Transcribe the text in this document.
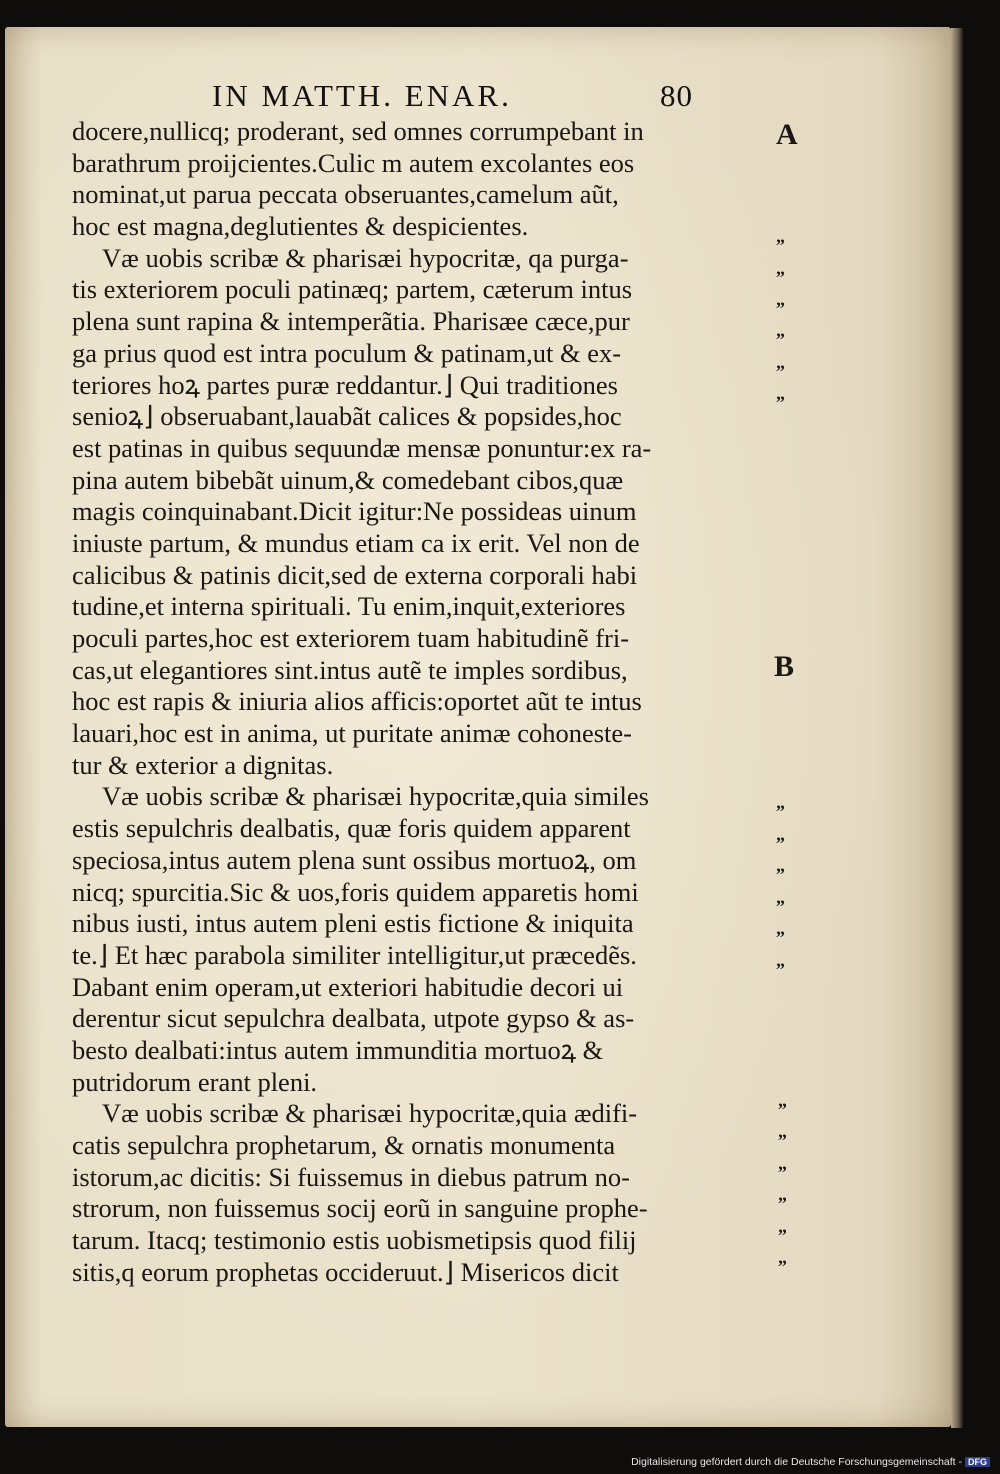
IN MATTH. ENAR.	80
docere,nullicq; proderant, sed omnes corrumpebant in
barathrum proijcientes.Culic m autem excolantes eos
nominat,ut parua peccata obseruantes,camelum aũt,
hoc est magna,deglutientes & despicientes.
Væ uobis scribæ & pharisæi hypocritæ, qa purga-
tis exteriorem poculi patinæq; partem, cæterum intus
plena sunt rapina & intemperãtia. Pharisæe cæce,pur
ga prius quod est intra poculum & patinam,ut & ex-
teriores hoꝝ partes puræ reddantur.⌋ Qui traditiones
senioꝝ⌋ obseruabant,lauabãt calices & popsides,hoc
est patinas in quibus sequundæ mensæ ponuntur:ex ra-
pina autem bibebãt uinum,& comedebant cibos,quæ
magis coinquinabant.Dicit igitur:Ne possideas uinum
iniuste partum, & mundus etiam ca ix erit. Vel non de
calicibus & patinis dicit,sed de externa corporali habi
tudine,et interna spirituali. Tu enim,inquit,exteriores
poculi partes,hoc est exteriorem tuam habitudinẽ fri-
cas,ut elegantiores sint.intus autẽ te imples sordibus,
hoc est rapis & iniuria alios afficis:oportet aũt te intus
lauari,hoc est in anima, ut puritate animæ cohoneste-
tur & exterior a dignitas.
Væ uobis scribæ & pharisæi hypocritæ,quia similes
estis sepulchris dealbatis, quæ foris quidem apparent
speciosa,intus autem plena sunt ossibus mortuoꝝ, om
nicq; spurcitia.Sic & uos,foris quidem apparetis homi
nibus iusti, intus autem pleni estis fictione & iniquita
te.⌋ Et hæc parabola similiter intelligitur,ut præcedẽs.
Dabant enim operam,ut exteriori habitudie decori ui
derentur sicut sepulchra dealbata, utpote gypso & as-
besto dealbati:intus autem immunditia mortuoꝝ &
putridorum erant pleni.
Væ uobis scribæ & pharisæi hypocritæ,quia ædifi-
catis sepulchra prophetarum, & ornatis monumenta
istorum,ac dicitis: Si fuissemus in diebus patrum no-
strorum, non fuissemus socij eorũ in sanguine prophe-
tarum. Itacq; testimonio estis uobismetipsis quod filij
sitis,q eorum prophetas occideruut.⌋ Misericos dicit
A
B
„
„
„
„
„
„
„
„
„
„
„
„
„
„
„
„
„
„
Digitalisierung gefördert durch die Deutsche Forschungsgemeinschaft - DFG
